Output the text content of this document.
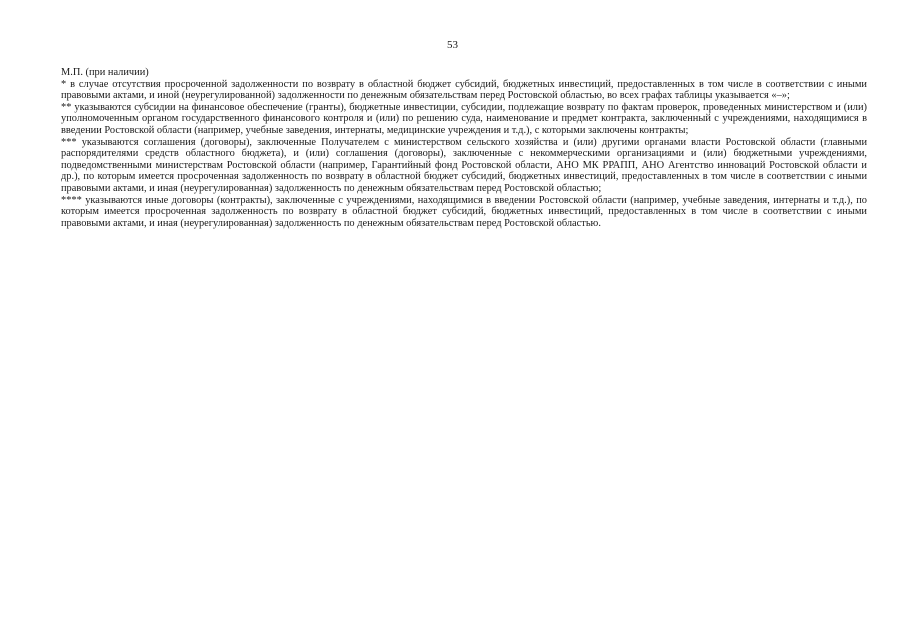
53

М.П. (при наличии)

* в случае отсутствия просроченной задолженности по возврату в областной бюджет субсидий, бюджетных инвестиций, предоставленных в том числе в соответствии с иными правовыми актами, и иной (неурегулированной) задолженности по денежным обязательствам перед Ростовской областью, во всех графах таблицы указывается «–»;

** указываются субсидии на финансовое обеспечение (гранты), бюджетные инвестиции, субсидии, подлежащие возврату по фактам проверок, проведенных министерством и (или) уполномоченным органом государственного финансового контроля и (или) по решению суда, наименование и предмет контракта, заключенный с учреждениями, находящимися в введении Ростовской области (например, учебные заведения, интернаты, медицинские учреждения и т.д.), с которыми заключены контракты;

*** указываются соглашения (договоры), заключенные Получателем с министерством сельского хозяйства и (или) другими органами власти Ростовской области (главными распорядителями средств областного бюджета), и (или) соглашения (договоры), заключенные с некоммерческими организациями и (или) бюджетными учреждениями, подведомственными министерствам Ростовской области (например, Гарантийный фонд Ростовской области, АНО МК РРАПП, АНО Агентство инноваций Ростовской области и др.), по которым имеется просроченная задолженность по возврату в областной бюджет субсидий, бюджетных инвестиций, предоставленных в том числе в соответствии с иными правовыми актами, и иная (неурегулированная) задолженность по денежным обязательствам перед Ростовской областью;

**** указываются иные договоры (контракты), заключенные с учреждениями, находящимися в введении Ростовской области (например, учебные заведения, интернаты и т.д.), по которым имеется просроченная задолженность по возврату в областной бюджет субсидий, бюджетных инвестиций, предоставленных в том числе в соответствии с иными правовыми актами, и иная (неурегулированная) задолженность по денежным обязательствам перед Ростовской областью.
